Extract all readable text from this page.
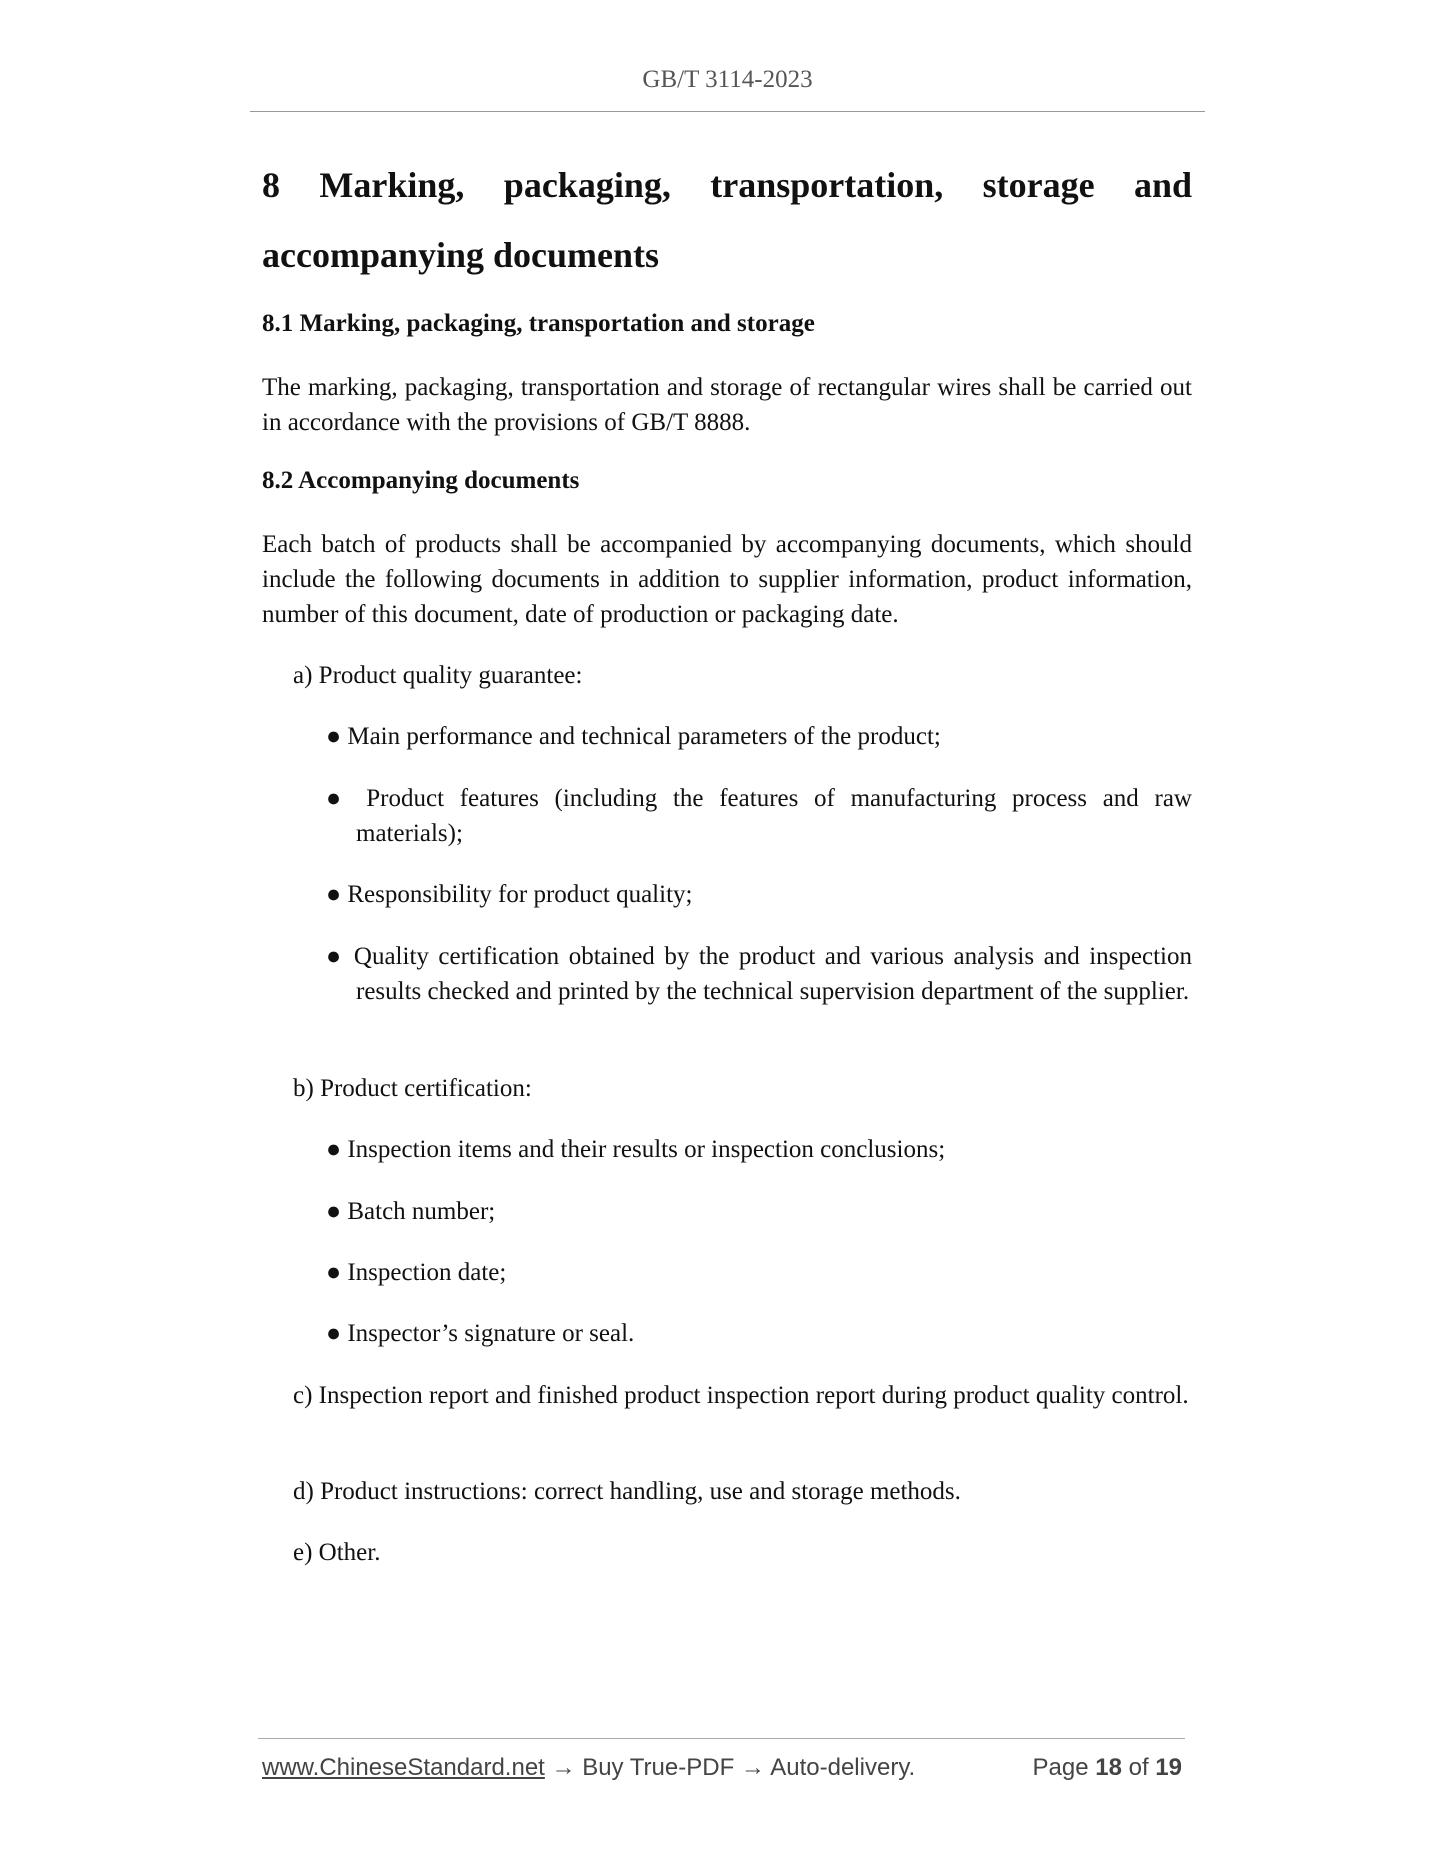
GB/T 3114-2023
8 Marking, packaging, transportation, storage and
accompanying documents
8.1 Marking, packaging, transportation and storage
The marking, packaging, transportation and storage of rectangular wires shall be carried out in accordance with the provisions of GB/T 8888.
8.2 Accompanying documents
Each batch of products shall be accompanied by accompanying documents, which should include the following documents in addition to supplier information, product information, number of this document, date of production or packaging date.
a) Product quality guarantee:
● Main performance and technical parameters of the product;
● Product features (including the features of manufacturing process and raw materials);
● Responsibility for product quality;
● Quality certification obtained by the product and various analysis and inspection results checked and printed by the technical supervision department of the supplier.
b) Product certification:
● Inspection items and their results or inspection conclusions;
● Batch number;
● Inspection date;
● Inspector’s signature or seal.
c) Inspection report and finished product inspection report during product quality control.
d) Product instructions: correct handling, use and storage methods.
e) Other.
www.ChineseStandard.net → Buy True-PDF → Auto-delivery.	Page 18 of 19
